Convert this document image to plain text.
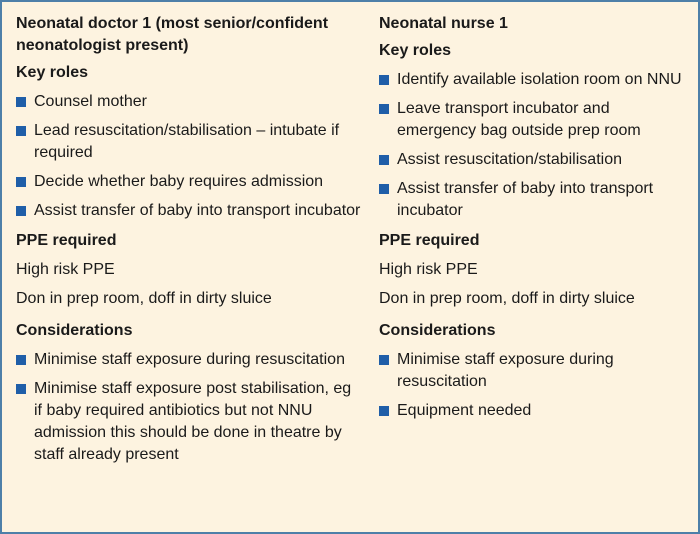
Neonatal doctor 1 (most senior/confident neonatologist present)
Key roles
Counsel mother
Lead resuscitation/stabilisation – intubate if required
Decide whether baby requires admission
Assist transfer of baby into transport incubator
PPE required
High risk PPE
Don in prep room, doff in dirty sluice
Considerations
Minimise staff exposure during resuscitation
Minimise staff exposure post stabilisation, eg if baby required antibiotics but not NNU admission this should be done in theatre by staff already present
Neonatal nurse 1
Key roles
Identify available isolation room on NNU
Leave transport incubator and emergency bag outside prep room
Assist resuscitation/stabilisation
Assist transfer of baby into transport incubator
PPE required
High risk PPE
Don in prep room, doff in dirty sluice
Considerations
Minimise staff exposure during resuscitation
Equipment needed
